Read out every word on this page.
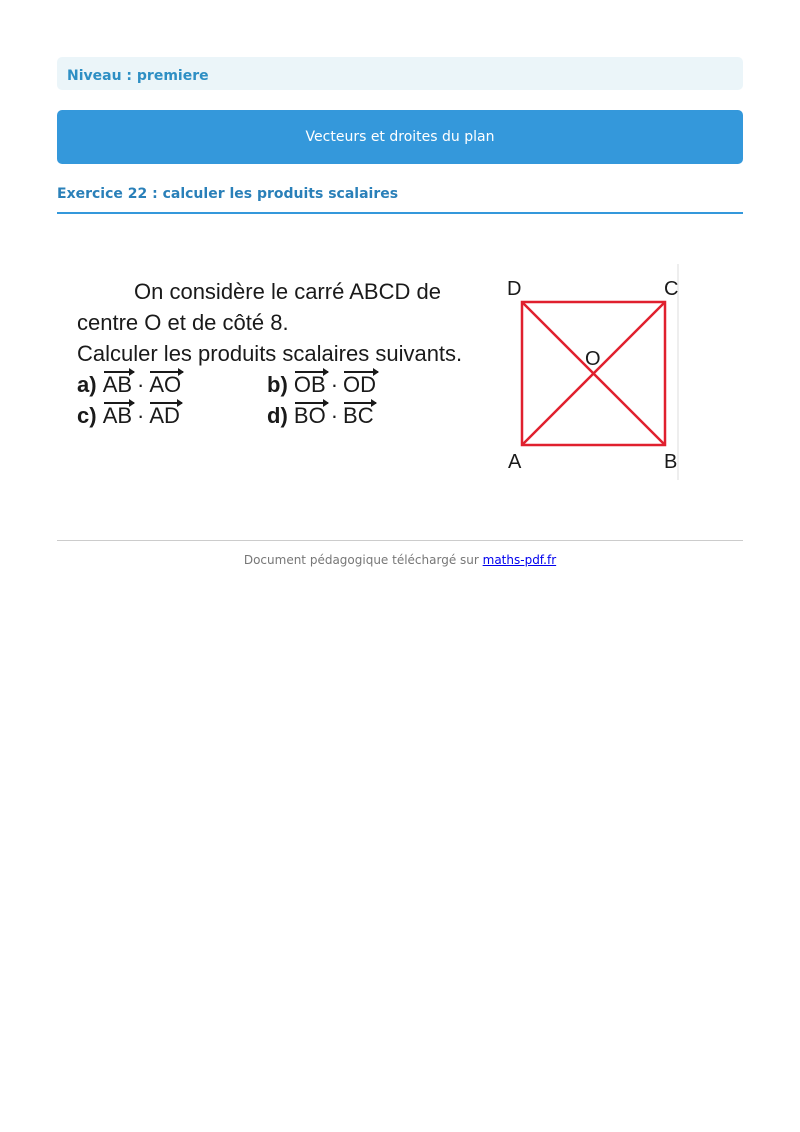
Niveau : premiere
Vecteurs et droites du plan
Exercice 22 : calculer les produits scalaires
On considère le carré ABCD de
centre O et de côté 8.
Calculer les produits scalaires suivants.
a) AB · AO	b) OB · OD
c) AB · AD	d) BO · BC
D	C
O
A	B
Document pédagogique téléchargé sur maths-pdf.fr
